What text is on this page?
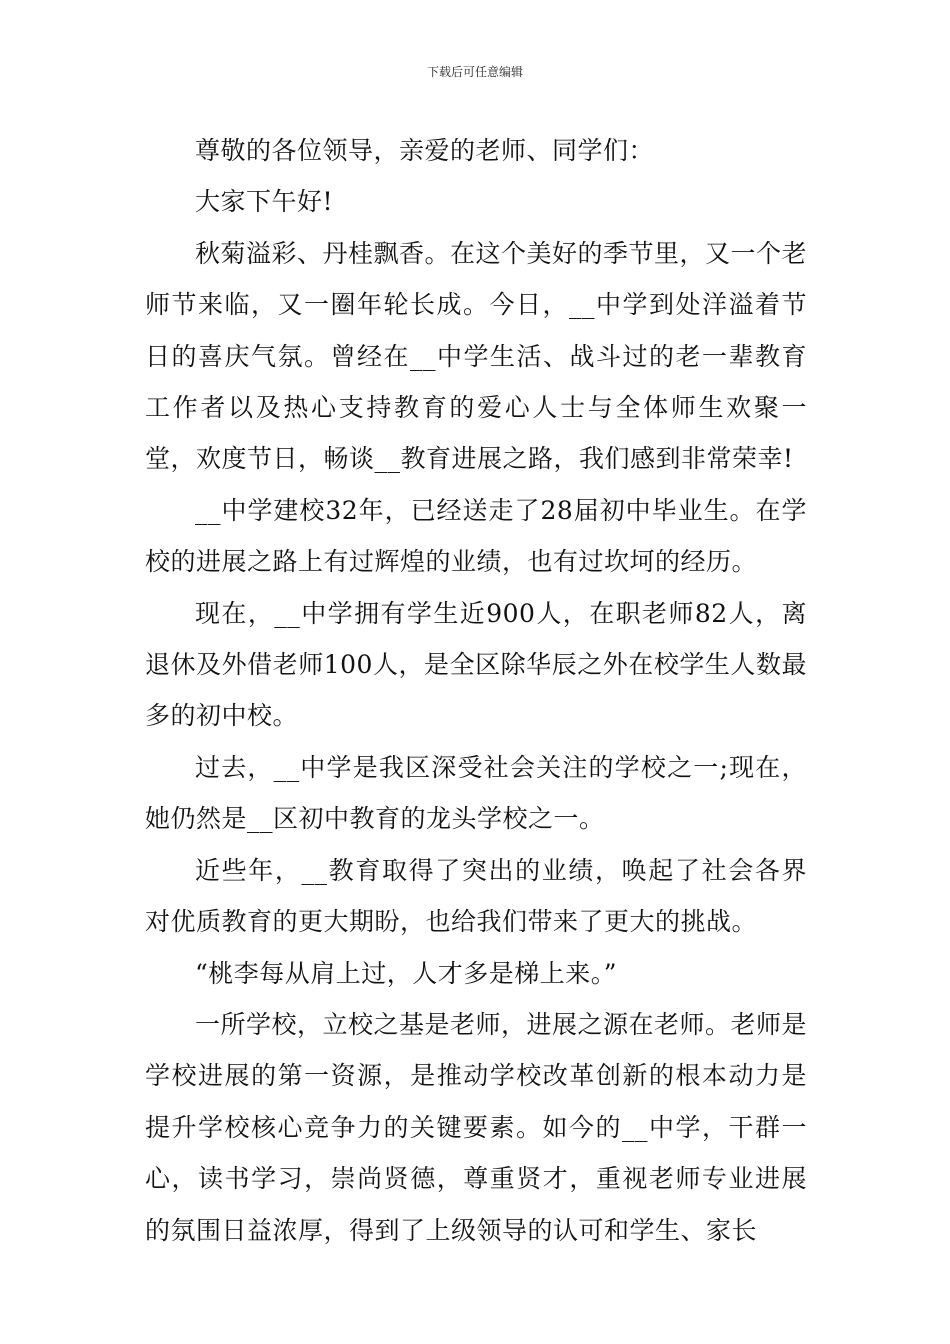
下载后可任意编辑

尊敬的各位领导，亲爱的老师、同学们：

大家下午好!

秋菊溢彩、丹桂飘香。在这个美好的季节里，又一个老师节来临，又一圈年轮长成。今日，__中学到处洋溢着节日的喜庆气氛。曾经在__中学生活、战斗过的老一辈教育工作者以及热心支持教育的爱心人士与全体师生欢聚一堂，欢度节日，畅谈__教育进展之路，我们感到非常荣幸!

__中学建校32年，已经送走了28届初中毕业生。在学校的进展之路上有过辉煌的业绩，也有过坎坷的经历。

现在，__中学拥有学生近900人，在职老师82人，离退休及外借老师100人，是全区除华辰之外在校学生人数最多的初中校。

过去，__中学是我区深受社会关注的学校之一;现在，她仍然是__区初中教育的龙头学校之一。

近些年，__教育取得了突出的业绩，唤起了社会各界对优质教育的更大期盼，也给我们带来了更大的挑战。

“桃李每从肩上过，人才多是梯上来。”

一所学校，立校之基是老师，进展之源在老师。老师是学校进展的第一资源，是推动学校改革创新的根本动力是提升学校核心竞争力的关键要素。如今的__中学，干群一心，读书学习，崇尚贤德，尊重贤才，重视老师专业进展的氛围日益浓厚，得到了上级领导的认可和学生、家长
